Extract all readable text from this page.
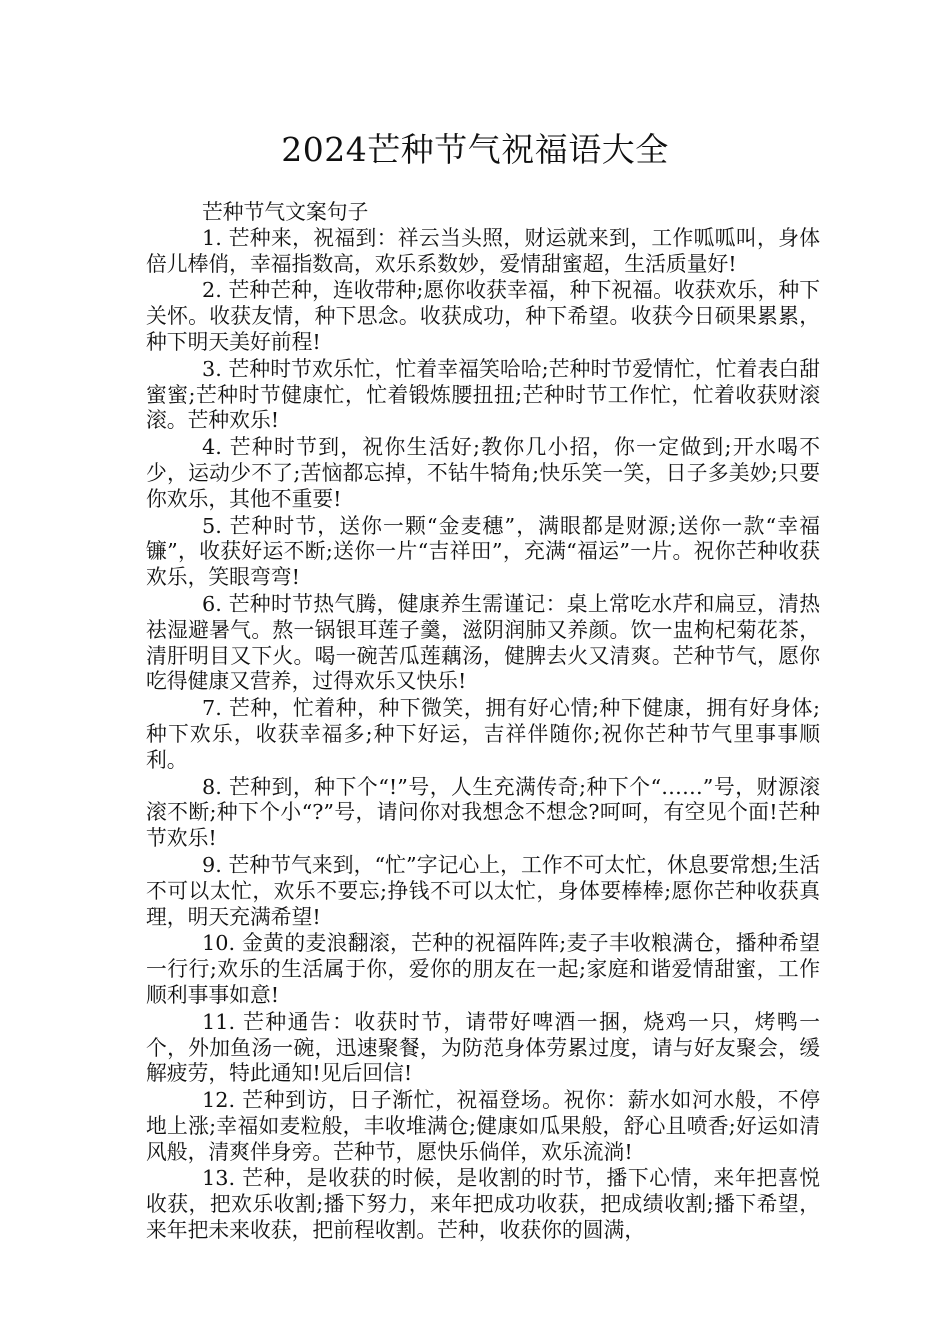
2024芒种节气祝福语大全

芒种节气文案句子

1. 芒种来，祝福到：祥云当头照，财运就来到，工作呱呱叫，身体倍儿棒俏，幸福指数高，欢乐系数妙，爱情甜蜜超，生活质量好!

2. 芒种芒种，连收带种;愿你收获幸福，种下祝福。收获欢乐，种下关怀。收获友情，种下思念。收获成功，种下希望。收获今日硕果累累，种下明天美好前程!

3. 芒种时节欢乐忙，忙着幸福笑哈哈;芒种时节爱情忙，忙着表白甜蜜蜜;芒种时节健康忙，忙着锻炼腰扭扭;芒种时节工作忙，忙着收获财滚滚。芒种欢乐!

4. 芒种时节到，祝你生活好;教你几小招，你一定做到;开水喝不少，运动少不了;苦恼都忘掉，不钻牛犄角;快乐笑一笑，日子多美妙;只要你欢乐，其他不重要!

5. 芒种时节，送你一颗“金麦穗”，满眼都是财源;送你一款“幸福镰”，收获好运不断;送你一片“吉祥田”，充满“福运”一片。祝你芒种收获欢乐，笑眼弯弯!

6. 芒种时节热气腾，健康养生需谨记：桌上常吃水芹和扁豆，清热祛湿避暑气。熬一锅银耳莲子羹，滋阴润肺又养颜。饮一盅枸杞菊花茶，清肝明目又下火。喝一碗苦瓜莲藕汤，健脾去火又清爽。芒种节气，愿你吃得健康又营养，过得欢乐又快乐!

7. 芒种，忙着种，种下微笑，拥有好心情;种下健康，拥有好身体;种下欢乐，收获幸福多;种下好运，吉祥伴随你;祝你芒种节气里事事顺利。

8. 芒种到，种下个“!”号，人生充满传奇;种下个“……”号，财源滚滚不断;种下个小“?”号，请问你对我想念不想念?呵呵，有空见个面!芒种节欢乐!

9. 芒种节气来到，“忙”字记心上，工作不可太忙，休息要常想;生活不可以太忙，欢乐不要忘;挣钱不可以太忙，身体要棒棒;愿你芒种收获真理，明天充满希望!

10. 金黄的麦浪翻滚，芒种的祝福阵阵;麦子丰收粮满仓，播种希望一行行;欢乐的生活属于你，爱你的朋友在一起;家庭和谐爱情甜蜜，工作顺利事事如意!

11. 芒种通告：收获时节，请带好啤酒一捆，烧鸡一只，烤鸭一个，外加鱼汤一碗，迅速聚餐，为防范身体劳累过度，请与好友聚会，缓解疲劳，特此通知!见后回信!

12. 芒种到访，日子渐忙，祝福登场。祝你：薪水如河水般，不停地上涨;幸福如麦粒般，丰收堆满仓;健康如瓜果般，舒心且喷香;好运如清风般，清爽伴身旁。芒种节，愿快乐倘佯，欢乐流淌!

13. 芒种，是收获的时候，是收割的时节，播下心情，来年把喜悦收获，把欢乐收割;播下努力，来年把成功收获，把成绩收割;播下希望，来年把未来收获，把前程收割。芒种，收获你的圆满，
